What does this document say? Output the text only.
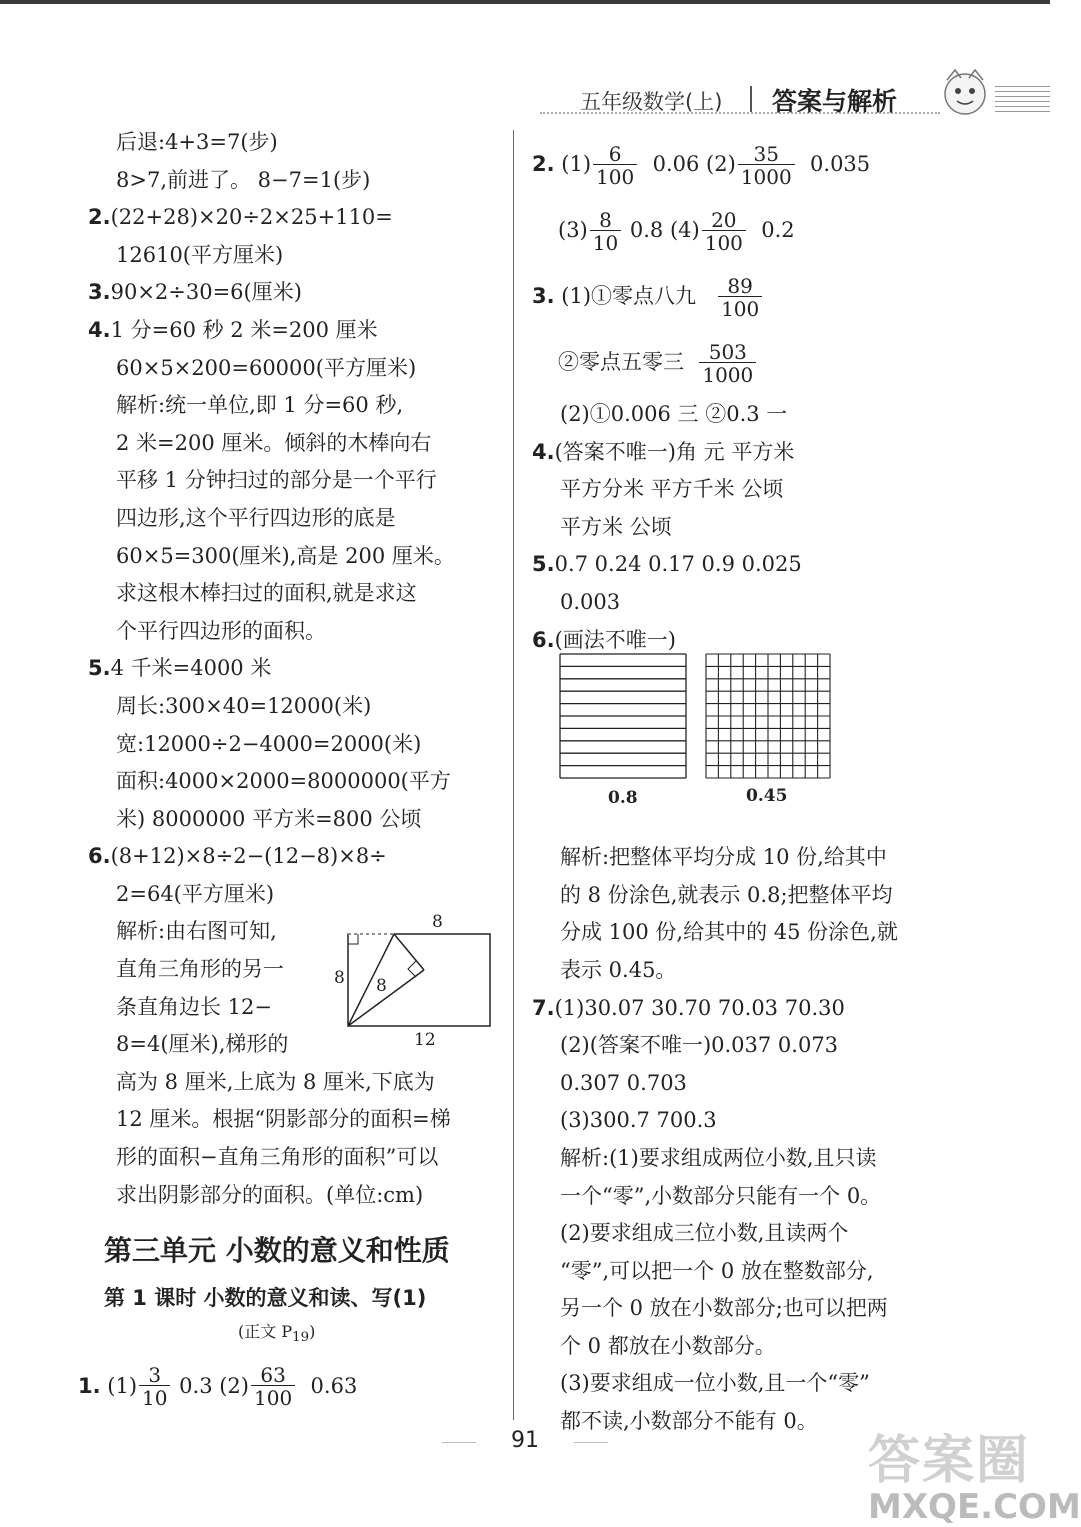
五年级数学(上) 答案与解析
后退:4+3=7(步)
8>7,前进了。 8−7=1(步)
2.(22+28)×20÷2×25+110=
12610(平方厘米)
3.90×2÷30=6(厘米)
4.1 分=60 秒 2 米=200 厘米
60×5×200=60000(平方厘米)
解析:统一单位,即 1 分=60 秒,
2 米=200 厘米。倾斜的木棒向右
平移 1 分钟扫过的部分是一个平行
四边形,这个平行四边形的底是
60×5=300(厘米),高是 200 厘米。
求这根木棒扫过的面积,就是求这
个平行四边形的面积。
5.4 千米=4000 米
周长:300×40=12000(米)
宽:12000÷2−4000=2000(米)
面积:4000×2000=8000000(平方
米) 8000000 平方米=800 公顷
6.(8+12)×8÷2−(12−8)×8÷
2=64(平方厘米)
解析:由右图可知,
直角三角形的另一
条直角边长 12−
8=4(厘米),梯形的
高为 8 厘米,上底为 8 厘米,下底为
12 厘米。根据“阴影部分的面积=梯
形的面积−直角三角形的面积”可以
求出阴影部分的面积。(单位:cm)
第三单元 小数的意义和性质
第 1 课时 小数的意义和读、写(1)
(正文 $P_{19}$)
1.
$(1) \frac{3}{10}$
0.3 $(2) \frac{63}{100}$
0.63
8
8 8
12
2.
$(1) \frac{6}{100}$
0.06 $(2) \frac{35}{1000}$
0.035
$(3) \frac{8}{10}$
0.8 $(4) \frac{20}{100}$
0.2
3.
(1)①零点八九
$\frac{89}{100}$
②零点五零三
$\frac{503}{1000}$
(2)①0.006 三 ②0.3 一
4.(答案不唯一)角 元 平方米
平方分米 平方千米 公顷
平方米 公顷
5.0.7 0.24 0.17 0.9 0.025
0.003
6.(画法不唯一)
解析:把整体平均分成 10 份,给其中
的 8 份涂色,就表示 0.8;把整体平均
分成 100 份,给其中的 45 份涂色,就
表示 0.45。
7.(1)30.07 30.70 70.03 70.30
(2)(答案不唯一)0.037 0.073
0.307 0.703
(3)300.7 700.3
解析:(1)要求组成两位小数,且只读
一个“零”,小数部分只能有一个 0。
(2)要求组成三位小数,且读两个
“零”,可以把一个 0 放在整数部分,
另一个 0 放在小数部分;也可以把两
个 0 都放在小数部分。
(3)要求组成一位小数,且一个“零”
都不读,小数部分不能有 0。
0.8	0.45
91	答案圈
MXQE.COM
